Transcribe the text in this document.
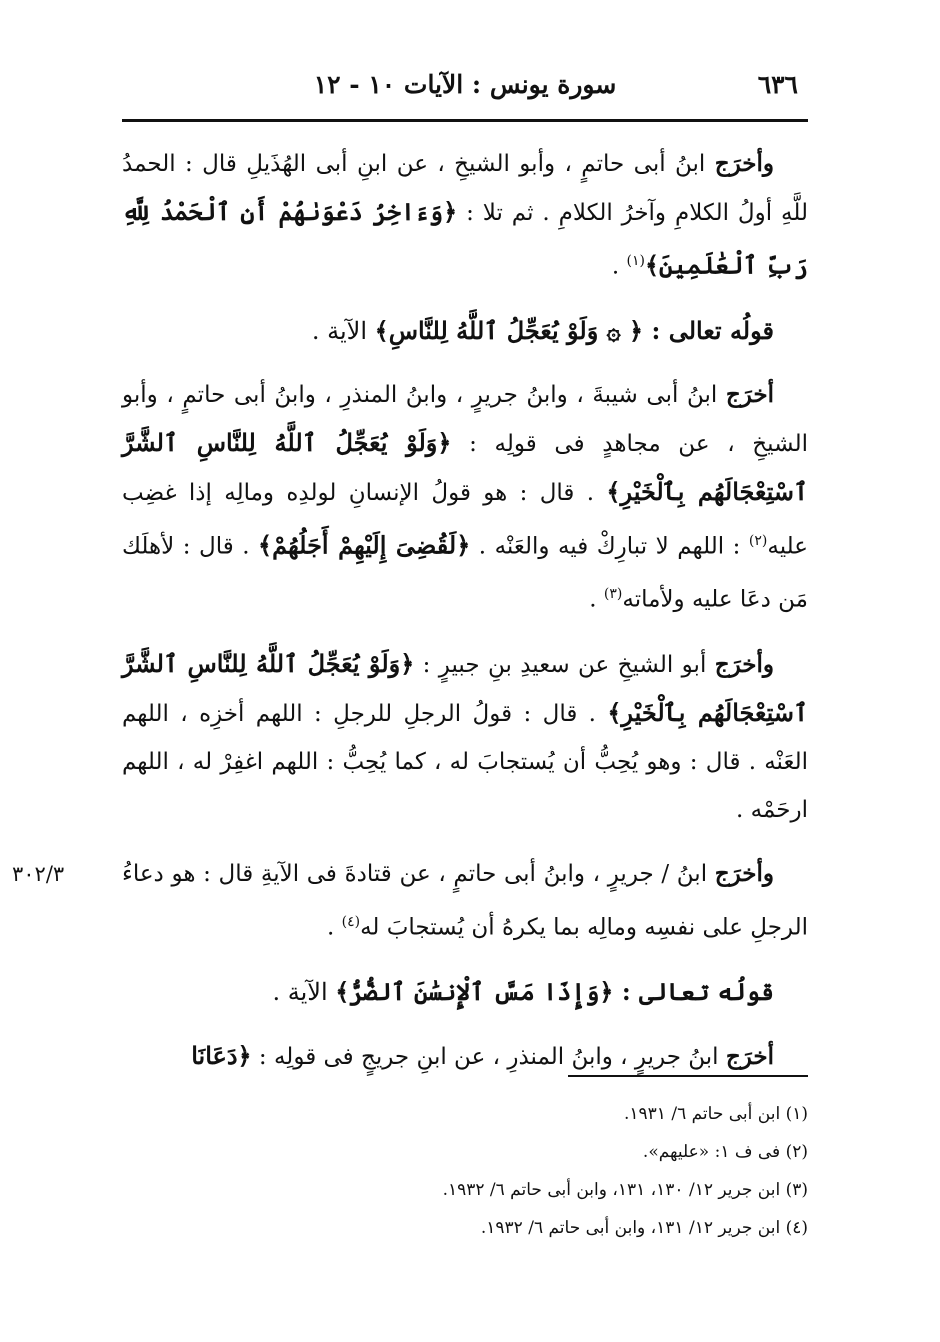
٦٣٦
سورة يونس : الآيات ١٠ - ١٢

وأخرَج ابنُ أبى حاتمٍ ، وأبو الشيخِ ، عن ابنِ أبى الهُذَيلِ قال : الحمدُ للَّهِ أولُ الكلامِ وآخرُ الكلامِ . ثم تلا : ﴿وَءَاخِرُ دَعْوَىٰهُمْ أَنِ ٱلْحَمْدُ لِلَّهِ رَبِّ ٱلْعَٰلَمِينَ﴾$^{(١)}$ .

قولُه تعالى : ﴿ ۞ وَلَوْ يُعَجِّلُ ٱللَّهُ لِلنَّاسِ﴾ الآية .

أخرَج ابنُ أبى شيبةَ ، وابنُ جريرٍ ، وابنُ المنذرِ ، وابنُ أبى حاتمٍ ، وأبو الشيخِ ، عن مجاهدٍ فى قولِه : ﴿وَلَوْ يُعَجِّلُ ٱللَّهُ لِلنَّاسِ ٱلشَّرَّ ٱسْتِعْجَالَهُم بِٱلْخَيْرِ﴾ . قال : هو قولُ الإنسانِ لولدِه ومالِه إذا غضِب عليه$^{(٢)}$ : اللهم لا تبارِكْ فيه والعَنْه . ﴿لَقُضِىَ إِلَيْهِمْ أَجَلُهُمْ﴾ . قال : لأهلَك مَن دعَا عليه ولأماته$^{(٣)}$ .

وأخرَج أبو الشيخِ عن سعيدِ بنِ جبيرٍ : ﴿وَلَوْ يُعَجِّلُ ٱللَّهُ لِلنَّاسِ ٱلشَّرَّ ٱسْتِعْجَالَهُم بِٱلْخَيْرِ﴾ . قال : قولُ الرجلِ للرجلِ : اللهم أخزِه ، اللهم العَنْه . قال : وهو يُحِبُّ أن يُستجابَ له ، كما يُحِبُّ : اللهم اغفِرْ له ، اللهم ارحَمْه .

٣٠٢/٣	وأخرَج ابنُ / جريرٍ ، وابنُ أبى حاتمٍ ، عن قتادةَ فى الآيةِ قال : هو دعاءُ الرجلِ على نفسِه ومالِه بما يكرهُ أن يُستجابَ له$^{(٤)}$ .

قولُه تعالى : ﴿وَإِذَا مَسَّ ٱلْإِنسَٰنَ ٱلضُّرُّ﴾ الآية .

أخرَج ابنُ جريرٍ ، وابنُ المنذرِ ، عن ابنِ جريجٍ فى قولِه : ﴿دَعَانَا

(١) ابن أبى حاتم ٦/ ١٩٣١.

(٢) فى ف ١: «عليهم».

(٣) ابن جرير ١٢/ ١٣٠، ١٣١، وابن أبى حاتم ٦/ ١٩٣٢.

(٤) ابن جرير ١٢/ ١٣١، وابن أبى حاتم ٦/ ١٩٣٢.
